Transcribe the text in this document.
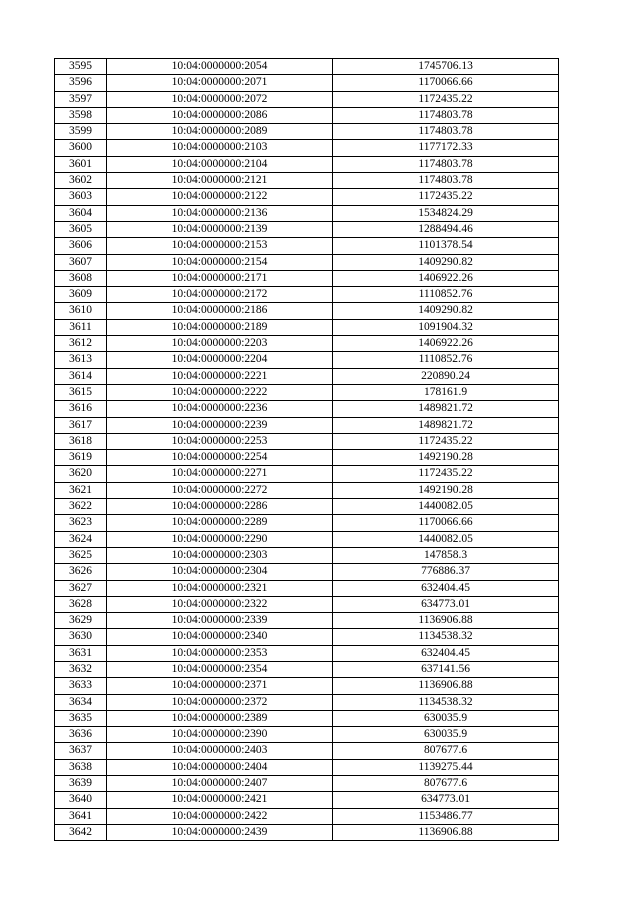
3595	10:04:0000000:2054	1745706.13
3596	10:04:0000000:2071	1170066.66
3597	10:04:0000000:2072	1172435.22
3598	10:04:0000000:2086	1174803.78
3599	10:04:0000000:2089	1174803.78
3600	10:04:0000000:2103	1177172.33
3601	10:04:0000000:2104	1174803.78
3602	10:04:0000000:2121	1174803.78
3603	10:04:0000000:2122	1172435.22
3604	10:04:0000000:2136	1534824.29
3605	10:04:0000000:2139	1288494.46
3606	10:04:0000000:2153	1101378.54
3607	10:04:0000000:2154	1409290.82
3608	10:04:0000000:2171	1406922.26
3609	10:04:0000000:2172	1110852.76
3610	10:04:0000000:2186	1409290.82
3611	10:04:0000000:2189	1091904.32
3612	10:04:0000000:2203	1406922.26
3613	10:04:0000000:2204	1110852.76
3614	10:04:0000000:2221	220890.24
3615	10:04:0000000:2222	178161.9
3616	10:04:0000000:2236	1489821.72
3617	10:04:0000000:2239	1489821.72
3618	10:04:0000000:2253	1172435.22
3619	10:04:0000000:2254	1492190.28
3620	10:04:0000000:2271	1172435.22
3621	10:04:0000000:2272	1492190.28
3622	10:04:0000000:2286	1440082.05
3623	10:04:0000000:2289	1170066.66
3624	10:04:0000000:2290	1440082.05
3625	10:04:0000000:2303	147858.3
3626	10:04:0000000:2304	776886.37
3627	10:04:0000000:2321	632404.45
3628	10:04:0000000:2322	634773.01
3629	10:04:0000000:2339	1136906.88
3630	10:04:0000000:2340	1134538.32
3631	10:04:0000000:2353	632404.45
3632	10:04:0000000:2354	637141.56
3633	10:04:0000000:2371	1136906.88
3634	10:04:0000000:2372	1134538.32
3635	10:04:0000000:2389	630035.9
3636	10:04:0000000:2390	630035.9
3637	10:04:0000000:2403	807677.6
3638	10:04:0000000:2404	1139275.44
3639	10:04:0000000:2407	807677.6
3640	10:04:0000000:2421	634773.01
3641	10:04:0000000:2422	1153486.77
3642	10:04:0000000:2439	1136906.88
